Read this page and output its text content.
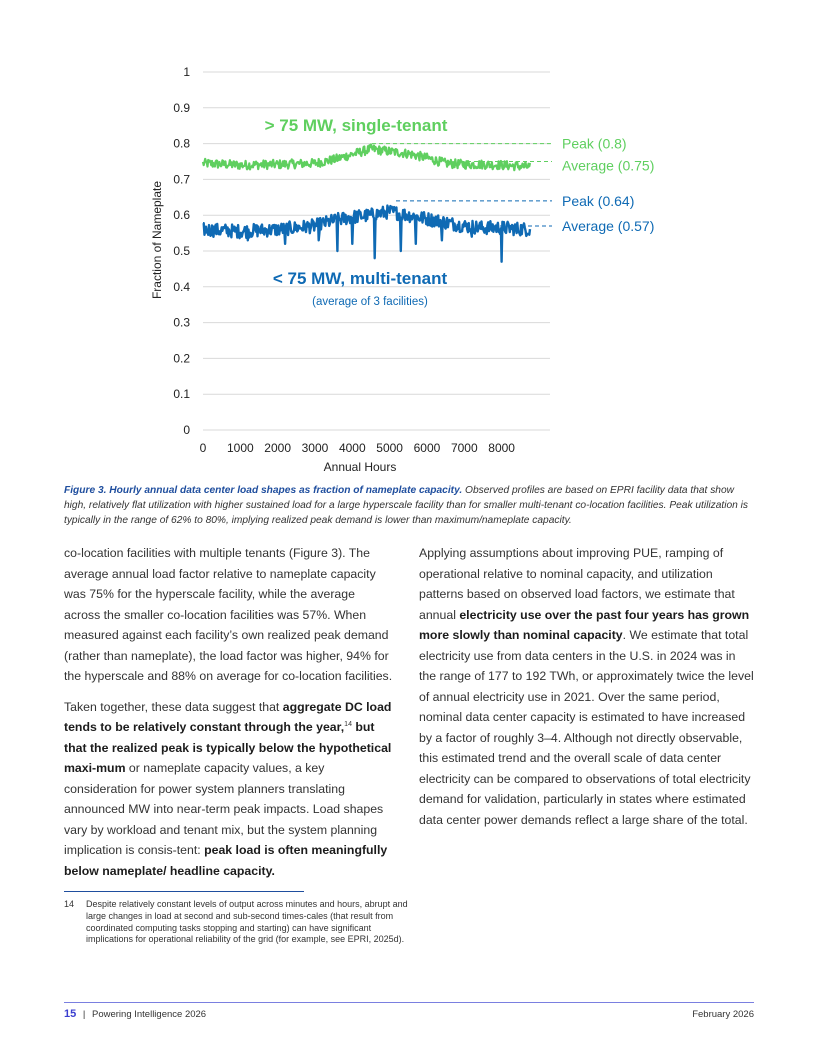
0
0.1
0.2
0.3
0.4
0.5
0.6
0.7
0.8
0.9
1
0 1000 2000 3000 4000 5000 6000 7000 8000
Peak (0.8)
Average (0.75)
Peak (0.64)
Average (0.57)
Annual Hours
Fraction of Nameplate
> 75 MW, single-tenant
< 75 MW, multi-tenant
(average of 3 facilities)
Figure 3. Hourly annual data center load shapes as fraction of nameplate capacity. Observed profiles are based on EPRI facility data that show high, relatively flat utilization with higher sustained load for a large hyperscale facility than for smaller multi-tenant co-location facilities. Peak utilization is typically in the range of 62% to 80%, implying realized peak demand is lower than maximum/nameplate capacity.

co-location facilities with multiple tenants (Figure 3). The average annual load factor relative to nameplate capacity was 75% for the hyperscale facility, while the average across the smaller co-location facilities was 57%. When measured against each facility’s own realized peak demand (rather than nameplate), the load factor was higher, 94% for the hyperscale and 88% on average for co-location facilities.

Taken together, these data suggest that aggregate DC load tends to be relatively constant through the year,$^{14}$ but that the realized peak is typically below the hypothetical maxi-mum or nameplate capacity values, a key consideration for power system planners translating announced MW into near-term peak impacts. Load shapes vary by workload and tenant mix, but the system planning implication is consis-tent: peak load is often meaningfully below nameplate/ headline capacity.

Applying assumptions about improving PUE, ramping of operational relative to nominal capacity, and utilization patterns based on observed load factors, we estimate that annual electricity use over the past four years has grown more slowly than nominal capacity. We estimate that total electricity use from data centers in the U.S. in 2024 was in the range of 177 to 192 TWh, or approximately twice the level of annual electricity use in 2021. Over the same period, nominal data center capacity is estimated to have increased by a factor of roughly 3–4. Although not directly observable, this estimated trend and the overall scale of data center electricity can be compared to observations of total electricity demand for validation, particularly in states where estimated data center power demands reflect a large share of the total.

14 Despite relatively constant levels of output across minutes and hours, abrupt and large changes in load at second and sub-second times-cales (that result from coordinated computing tasks stopping and starting) can have significant implications for operational reliability of the grid (for example, see EPRI, 2025d).
15 | Powering Intelligence 2026	February 2026
